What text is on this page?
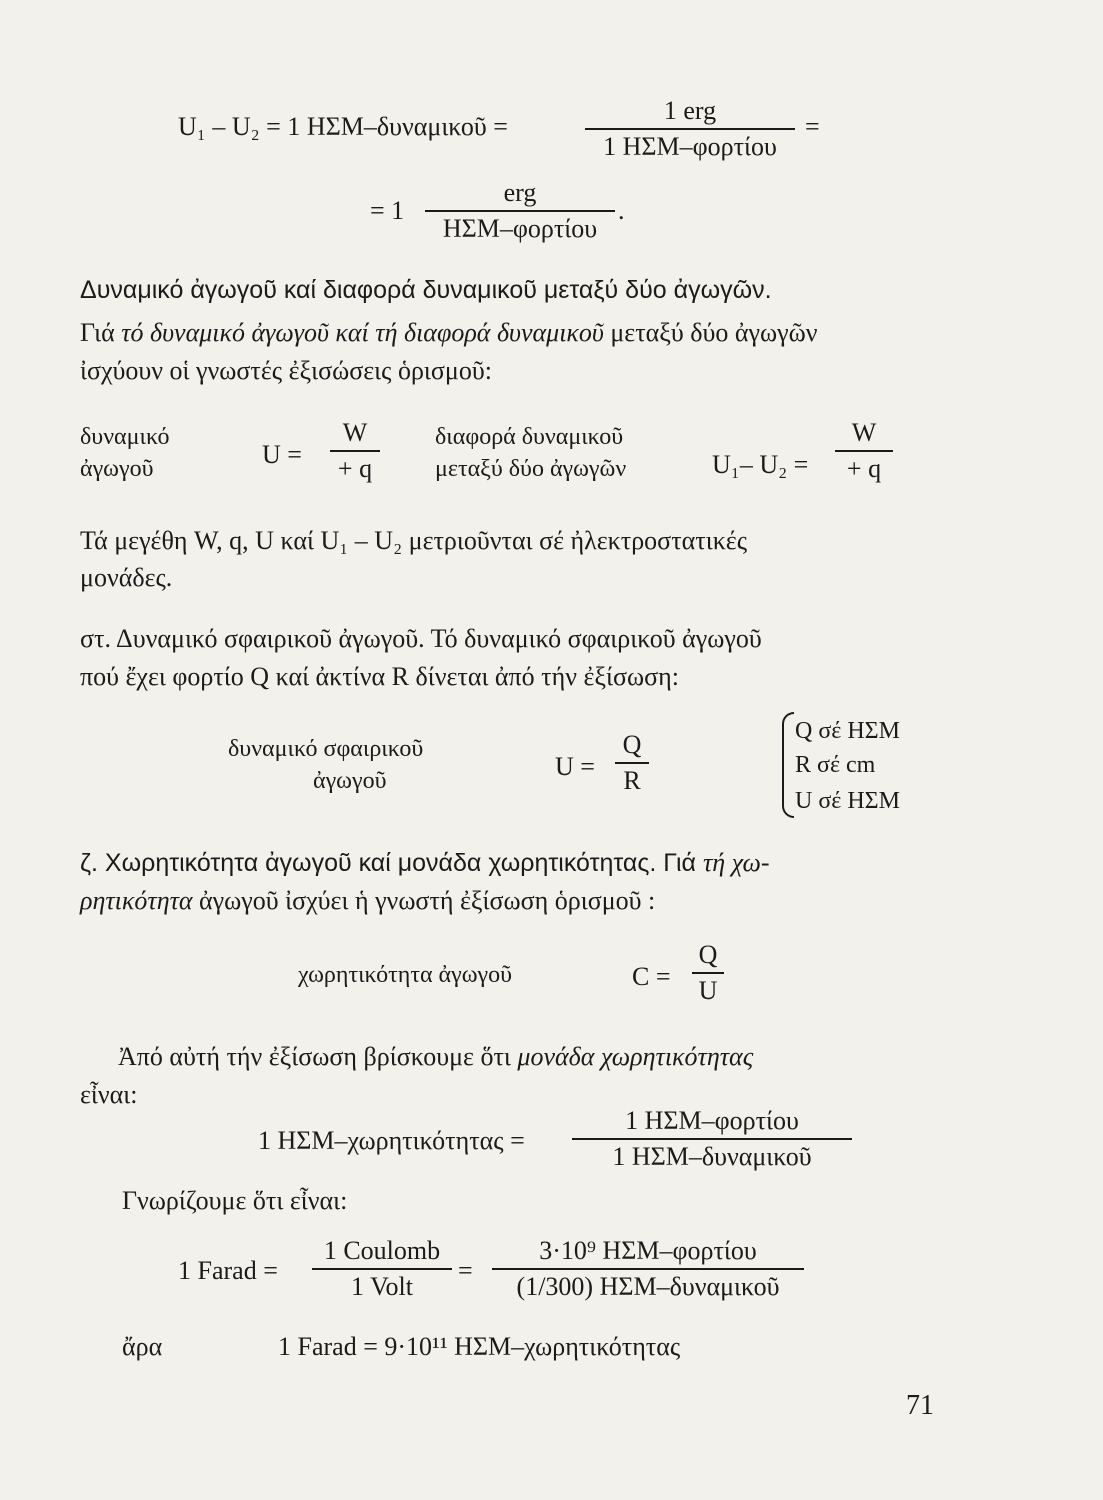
U₁ – U₂ = 1 ΗΣΜ–δυναμικοῦ =
1 erg
1 ΗΣΜ–φορτίου
=
= 1
erg
ΗΣΜ–φορτίου
.
Δυναμικό ἀγωγοῦ καί διαφορά δυναμικοῦ μεταξύ δύο ἀγωγῶν.
Γιά τό δυναμικό ἀγωγοῦ καί τή διαφορά δυναμικοῦ μεταξύ δύο ἀγωγῶν
ἰσχύουν οἱ γνωστές ἐξισώσεις ὁρισμοῦ:
δυναμικό
ἀγωγοῦ	U =
W
+ q
διαφορά δυναμικοῦ
μεταξύ δύο ἀγωγῶν	U₁– U₂ =
W
+ q
Τά μεγέθη W, q, U καί U₁ – U₂ μετριοῦνται σέ ἠλεκτροστατικές
μονάδες.
στ. Δυναμικό σφαιρικοῦ ἀγωγοῦ. Τό δυναμικό σφαιρικοῦ ἀγωγοῦ
πού ἔχει φορτίο Q καί ἀκτίνα R δίνεται ἀπό τήν ἐξίσωση:
δυναμικό σφαιρικοῦ
ἀγωγοῦ	U =
Q
R
Q σέ ΗΣΜ
R σέ cm
U σέ ΗΣΜ
ζ. Χωρητικότητα ἀγωγοῦ καί μονάδα χωρητικότητας. Γιά τή χω-
ρητικότητα ἀγωγοῦ ἰσχύει ἡ γνωστή ἐξίσωση ὁρισμοῦ :
χωρητικότητα ἀγωγοῦ	C =
Q
U
Ἀπό αὐτή τήν ἐξίσωση βρίσκουμε ὅτι μονάδα χωρητικότητας
εἶναι:
1 ΗΣΜ–χωρητικότητας =
1 ΗΣΜ–φορτίου
1 ΗΣΜ–δυναμικοῦ
Γνωρίζουμε ὅτι εἶναι:
1 Farad =
1 Coulomb
1 Volt
=
3·10⁹ ΗΣΜ–φορτίου
(1/300) ΗΣΜ–δυναμικοῦ
ἄρα	1 Farad = 9·10¹¹ ΗΣΜ–χωρητικότητας
71
